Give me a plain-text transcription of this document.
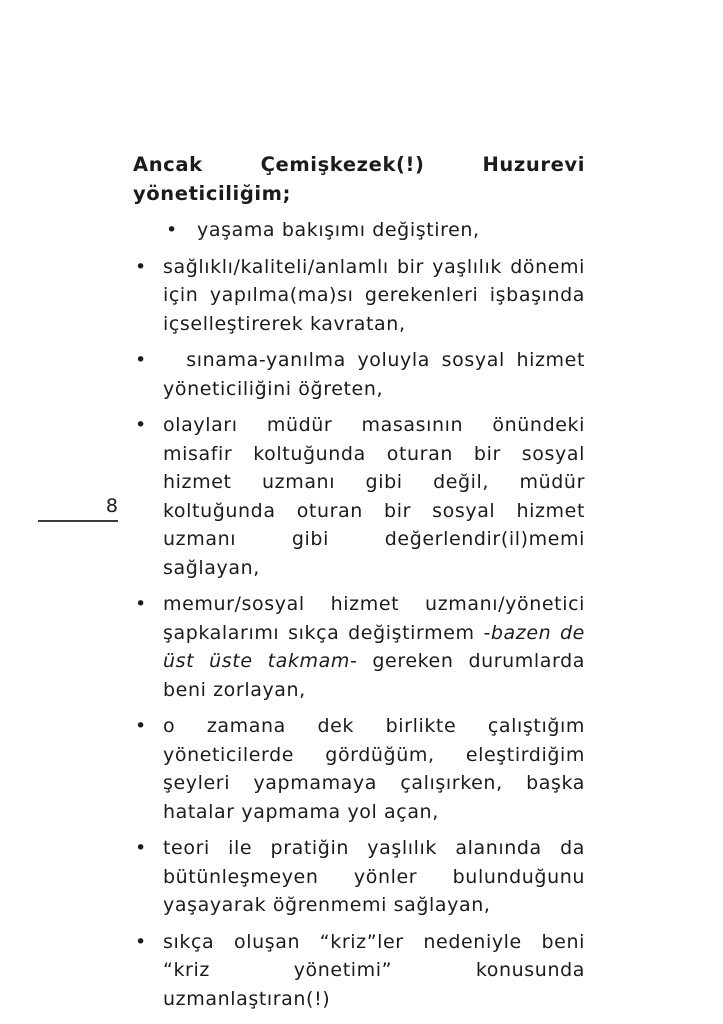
Ancak Çemişkezek(!) Huzurevi yöneticiliğim;
• yaşama bakışımı değiştiren,
• sağlıklı/kaliteli/anlamlı bir yaşlılık dönemi için yapılma(ma)sı gerekenleri işbaşında içselleştirerek kavratan,
• sınama-yanılma yoluyla sosyal hizmet yöneticiliğini öğreten,
• olayları müdür masasının önündeki misafir koltuğunda oturan bir sosyal hizmet uzmanı gibi değil, müdür koltuğunda oturan bir sosyal hizmet uzmanı gibi değerlendir(il)memi sağlayan,
• memur/sosyal hizmet uzmanı/yönetici şapkalarımı sıkça değiştirmem -bazen de üst üste takmam- gereken durumlarda beni zorlayan,
• o zamana dek birlikte çalıştığım yöneticilerde gördüğüm, eleştirdiğim şeyleri yapmamaya çalışırken, başka hatalar yapmama yol açan,
• teori ile pratiğin yaşlılık alanında da bütünleşmeyen yönler bulunduğunu yaşayarak öğrenmemi sağlayan,
• sıkça oluşan “kriz”ler nedeniyle beni “kriz yönetimi” konusunda uzmanlaştıran(!)
8
